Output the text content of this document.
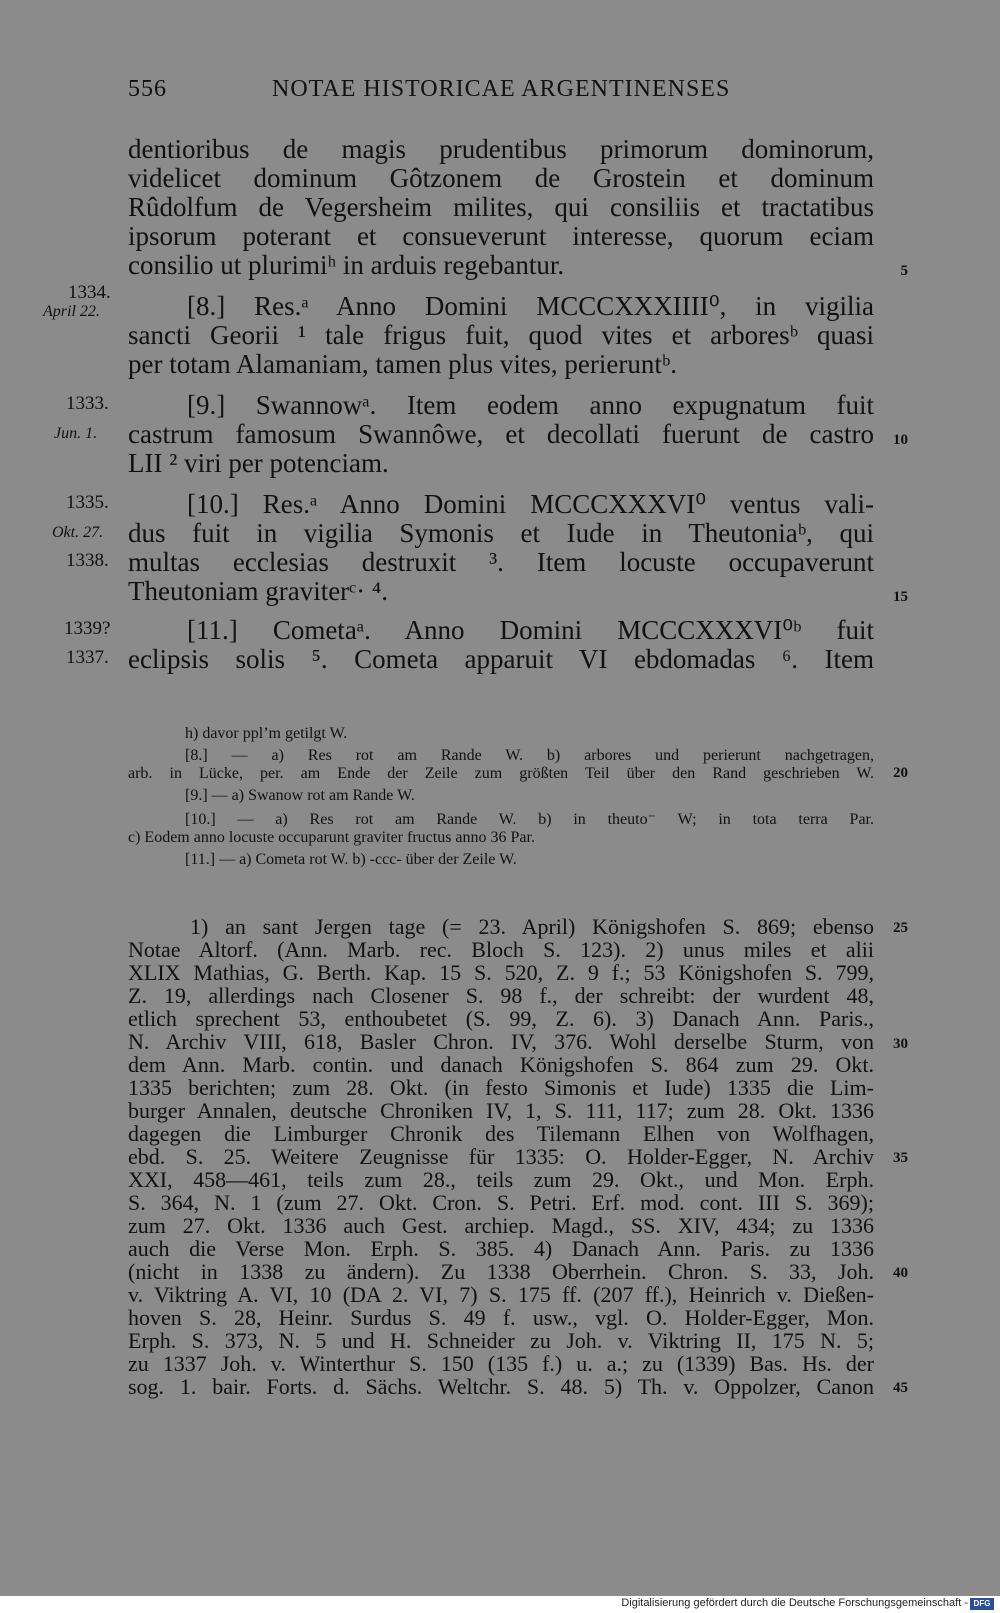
556	NOTAE HISTORICAE ARGENTINENSES
dentioribus de magis prudentibus primorum dominorum,
videlicet dominum Gôtzonem de Grostein et dominum
Rûdolfum de Vegersheim milites, qui consiliis et tractatibus
ipsorum poterant et consueverunt interesse, quorum eciam
consilio ut plurimiʰ in arduis regebantur.
[8.] Res.ᵃ Anno Domini MCCCXXXIIII⁰, in vigilia
sancti Georii ¹ tale frigus fuit, quod vites et arboresᵇ quasi
per totam Alamaniam, tamen plus vites, perieruntᵇ.
[9.] Swannowᵃ. Item eodem anno expugnatum fuit
castrum famosum Swannôwe, et decollati fuerunt de castro
LII ² viri per potenciam.
[10.] Res.ᵃ Anno Domini MCCCXXXVI⁰ ventus vali-
dus fuit in vigilia Symonis et Iude in Theutoniaᵇ, qui
multas ecclesias destruxit ³. Item locuste occupaverunt
Theutoniam graviterᶜ· ⁴.
[11.] Cometaᵃ. Anno Domini MCCCXXXVI⁰ᵇ fuit
eclipsis solis ⁵. Cometa apparuit VI ebdomadas ⁶. Item
1334.
April 22.
1333.
Jun. 1.
1335.
Okt. 27.
1338.
1339?
1337.
5
10
15
20
25
30
35
40
45
h) davor ppl’m getilgt W.
[8.] — a) Res rot am Rande W. b) arbores und perierunt nachgetragen,
arb. in Lücke, per. am Ende der Zeile zum größten Teil über den Rand geschrieben W.
[9.] — a) Swanow rot am Rande W.
[10.] — a) Res rot am Rande W. b) in theuto⁻ W; in tota terra Par.
c) Eodem anno locuste occuparunt graviter fructus anno 36 Par.
[11.] — a) Cometa rot W. b) -ccc- über der Zeile W.
1) an sant Jergen tage (= 23. April) Königshofen S. 869; ebenso
Notae Altorf. (Ann. Marb. rec. Bloch S. 123). 2) unus miles et alii
XLIX Mathias, G. Berth. Kap. 15 S. 520, Z. 9 f.; 53 Königshofen S. 799,
Z. 19, allerdings nach Closener S. 98 f., der schreibt: der wurdent 48,
etlich sprechent 53, enthoubetet (S. 99, Z. 6). 3) Danach Ann. Paris.,
N. Archiv VIII, 618, Basler Chron. IV, 376. Wohl derselbe Sturm, von
dem Ann. Marb. contin. und danach Königshofen S. 864 zum 29. Okt.
1335 berichten; zum 28. Okt. (in festo Simonis et Iude) 1335 die Lim-
burger Annalen, deutsche Chroniken IV, 1, S. 111, 117; zum 28. Okt. 1336
dagegen die Limburger Chronik des Tilemann Elhen von Wolfhagen,
ebd. S. 25. Weitere Zeugnisse für 1335: O. Holder-Egger, N. Archiv
XXI, 458—461, teils zum 28., teils zum 29. Okt., und Mon. Erph.
S. 364, N. 1 (zum 27. Okt. Cron. S. Petri. Erf. mod. cont. III S. 369);
zum 27. Okt. 1336 auch Gest. archiep. Magd., SS. XIV, 434; zu 1336
auch die Verse Mon. Erph. S. 385. 4) Danach Ann. Paris. zu 1336
(nicht in 1338 zu ändern). Zu 1338 Oberrhein. Chron. S. 33, Joh.
v. Viktring A. VI, 10 (DA 2. VI, 7) S. 175 ff. (207 ff.), Heinrich v. Dießen-
hoven S. 28, Heinr. Surdus S. 49 f. usw., vgl. O. Holder-Egger, Mon.
Erph. S. 373, N. 5 und H. Schneider zu Joh. v. Viktring II, 175 N. 5;
zu 1337 Joh. v. Winterthur S. 150 (135 f.) u. a.; zu (1339) Bas. Hs. der
sog. 1. bair. Forts. d. Sächs. Weltchr. S. 48. 5) Th. v. Oppolzer, Canon
Digitalisierung gefördert durch die Deutsche Forschungsgemeinschaft - DFG
